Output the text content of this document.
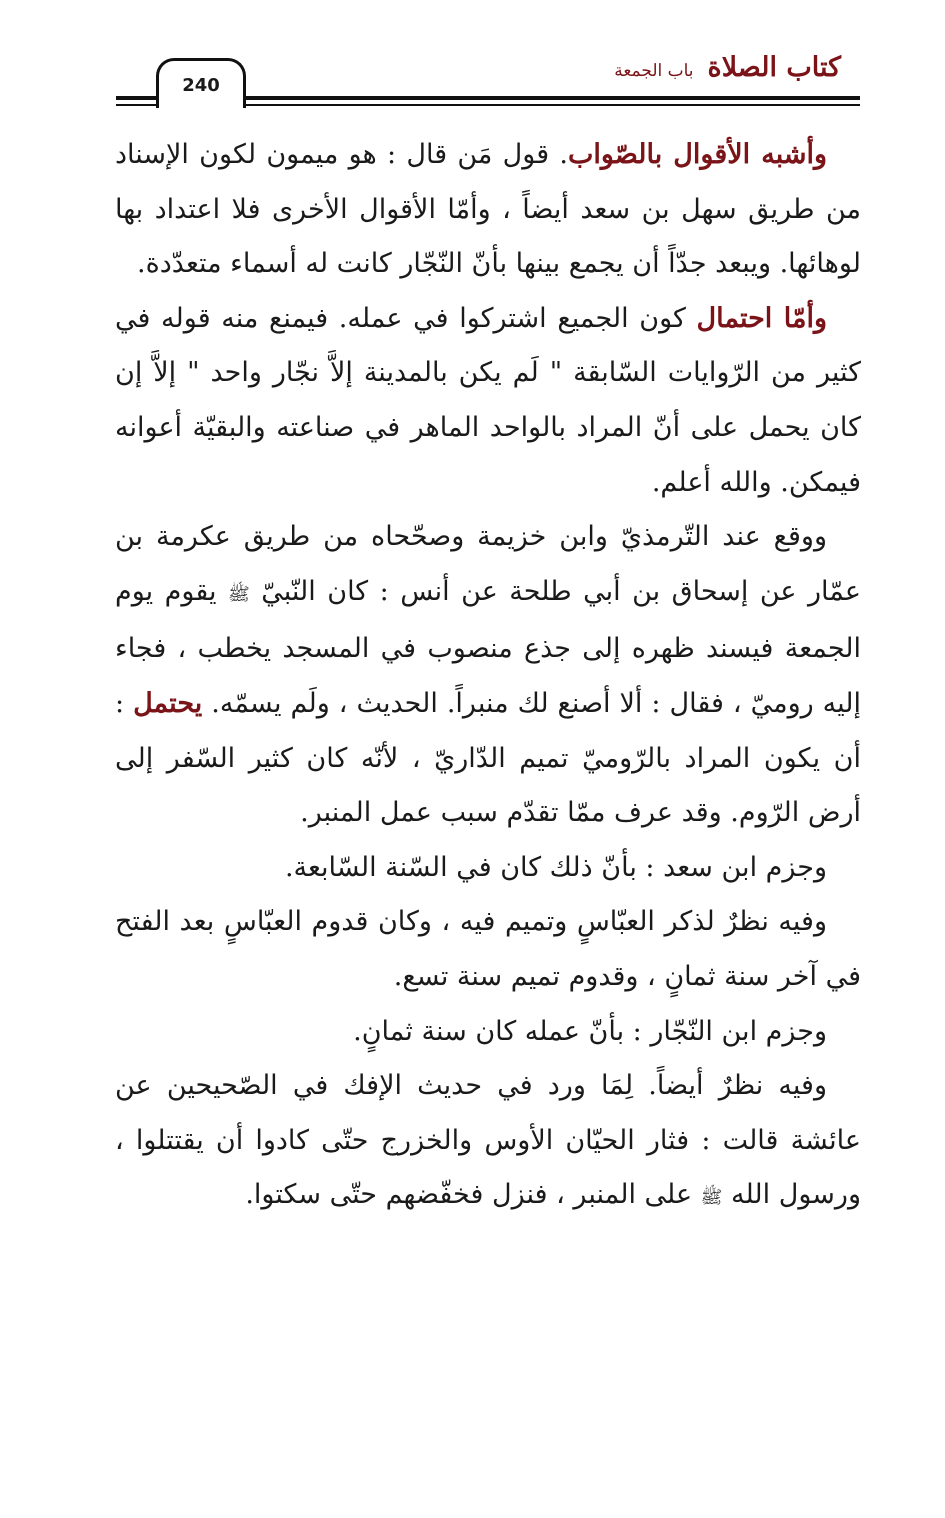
240
كتاب الصلاة
باب الجمعة

وأشبه الأقوال بالصّواب. قول مَن قال : هو ميمون لكون الإسناد من طريق سهل بن سعد أيضاً ، وأمّا الأقوال الأخرى فلا اعتداد بها لوهائها. ويبعد جدّاً أن يجمع بينها بأنّ النّجّار كانت له أسماء متعدّدة.

وأمّا احتمال كون الجميع اشتركوا في عمله. فيمنع منه قوله في كثير من الرّوايات السّابقة " لَم يكن بالمدينة إلاَّ نجّار واحد " إلاَّ إن كان يحمل على أنّ المراد بالواحد الماهر في صناعته والبقيّة أعوانه فيمكن. والله أعلم.

ووقع عند التّرمذيّ وابن خزيمة وصحّحاه من طريق عكرمة بن عمّار عن إسحاق بن أبي طلحة عن أنس : كان النّبيّ ﷺ يقوم يوم الجمعة فيسند ظهره إلى جذع منصوب في المسجد يخطب ، فجاء إليه روميّ ، فقال : ألا أصنع لك منبراً. الحديث ، ولَم يسمّه. يحتمل : أن يكون المراد بالرّوميّ تميم الدّاريّ ، لأنّه كان كثير السّفر إلى أرض الرّوم. وقد عرف ممّا تقدّم سبب عمل المنبر.

وجزم ابن سعد : بأنّ ذلك كان في السّنة السّابعة.

وفيه نظرٌ لذكر العبّاسٍ وتميم فيه ، وكان قدوم العبّاسٍ بعد الفتح في آخر سنة ثمانٍ ، وقدوم تميم سنة تسع.

وجزم ابن النّجّار : بأنّ عمله كان سنة ثمانٍ.

وفيه نظرٌ أيضاً. لِمَا ورد في حديث الإفك في الصّحيحين عن عائشة قالت : فثار الحيّان الأوس والخزرج حتّى كادوا أن يقتتلوا ، ورسول الله ﷺ على المنبر ، فنزل فخفّضهم حتّى سكتوا.
